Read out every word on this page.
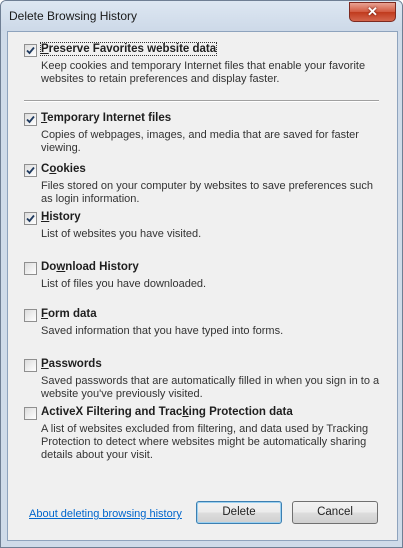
Delete Browsing History	✕
Preserve Favorites website data
Keep cookies and temporary Internet files that enable your favorite websites to retain preferences and display faster.
Temporary Internet files
Copies of webpages, images, and media that are saved for faster viewing.
Cookies
Files stored on your computer by websites to save preferences such as login information.
History
List of websites you have visited.
Download History
List of files you have downloaded.
Form data
Saved information that you have typed into forms.
Passwords
Saved passwords that are automatically filled in when you sign in to a website you've previously visited.
ActiveX Filtering and Tracking Protection data
A list of websites excluded from filtering, and data used by Tracking Protection to detect where websites might be automatically sharing details about your visit.
About deleting browsing history	Delete	Cancel
